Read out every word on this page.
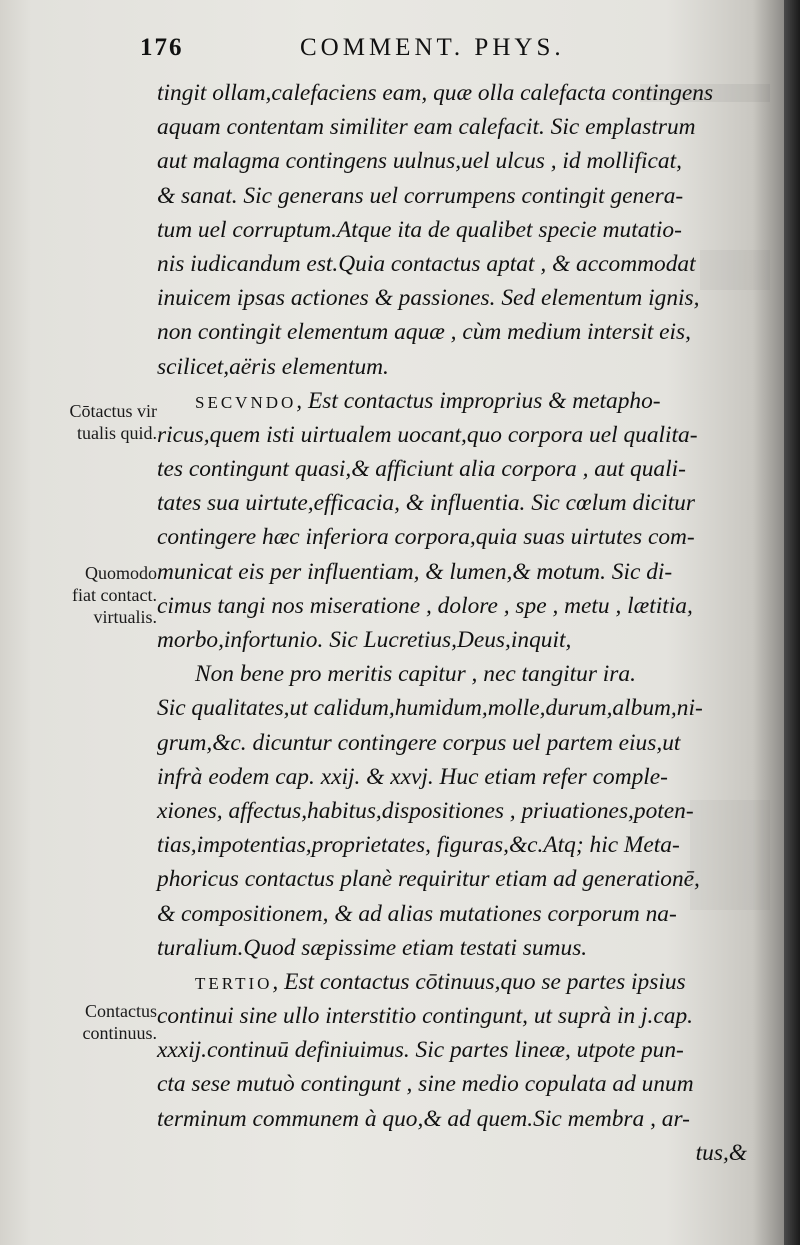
176	COMMENT. PHYS.
tingit ollam,calefaciens eam, quæ olla calefacta contingens
aquam contentam similiter eam calefacit. Sic emplastrum
aut malagma contingens uulnus,uel ulcus , id mollificat,
& sanat. Sic generans uel corrumpens contingit genera-
tum uel corruptum.Atque ita de qualibet specie mutatio-
nis iudicandum est.Quia contactus aptat , & accommodat
inuicem ipsas actiones & passiones. Sed elementum ignis,
non contingit elementum aquæ , cùm medium intersit eis,
scilicet,aëris elementum.
SECVNDO, Est contactus improprius & metapho-
ricus,quem isti uirtualem uocant,quo corpora uel qualita-
tes contingunt quasi,& afficiunt alia corpora , aut quali-
tates sua uirtute,efficacia, & influentia. Sic cœlum dicitur
contingere hæc inferiora corpora,quia suas uirtutes com-
municat eis per influentiam, & lumen,& motum. Sic di-
cimus tangi nos miseratione , dolore , spe , metu , lætitia,
morbo,infortunio. Sic Lucretius,Deus,inquit,
Non bene pro meritis capitur , nec tangitur ira.
Sic qualitates,ut calidum,humidum,molle,durum,album,ni-
grum,&c. dicuntur contingere corpus uel partem eius,ut
infrà eodem cap. xxij. & xxvj. Huc etiam refer comple-
xiones, affectus,habitus,dispositiones , priuationes,poten-
tias,impotentias,proprietates, figuras,&c.Atq; hic Meta-
phoricus contactus planè requiritur etiam ad generationē,
& compositionem, & ad alias mutationes corporum na-
turalium.Quod sæpissime etiam testati sumus.
TERTIO, Est contactus cōtinuus,quo se partes ipsius
continui sine ullo interstitio contingunt, ut suprà in j.cap.
xxxij.continuū definiuimus. Sic partes lineæ, utpote pun-
cta sese mutuò contingunt , sine medio copulata ad unum
terminum communem à quo,& ad quem.Sic membra , ar-
tus,&
Cōtactus vir
tualis quid.
Quomodo
fiat contact.
virtualis.
Contactus
continuus.
